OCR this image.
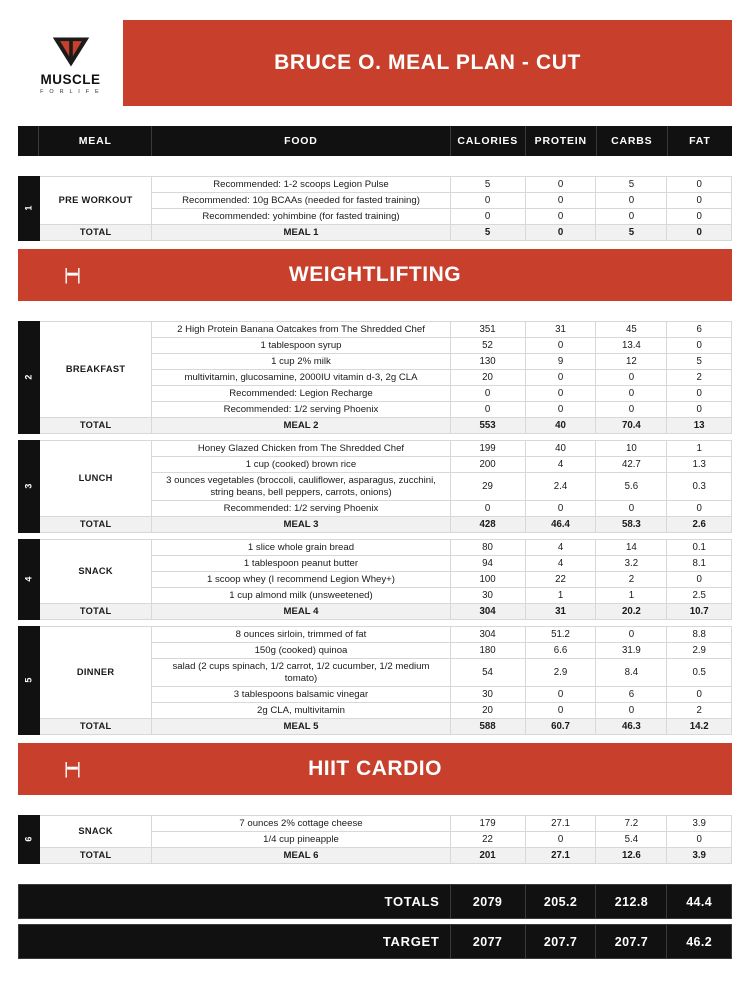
MUSCLE
F O R L I F E
BRUCE O. MEAL PLAN - CUT
	MEAL	FOOD	CALORIES	PROTEIN	CARBS	FAT
1	PRE WORKOUT	Recommended: 1-2 scoops Legion Pulse	5	0	5	0
		Recommended: 10g BCAAs (needed for fasted training)	0	0	0	0
		Recommended: yohimbine (for fasted training)	0	0	0	0
	TOTAL	MEAL 1	5	0	5	0
|━|	WEIGHTLIFTING
2	BREAKFAST	2 High Protein Banana Oatcakes from The Shredded Chef	351	31	45	6
		1 tablespoon syrup	52	0	13.4	0
		1 cup 2% milk	130	9	12	5
		multivitamin, glucosamine, 2000IU vitamin d-3, 2g CLA	20	0	0	2
		Recommended: Legion Recharge	0	0	0	0
		Recommended: 1/2 serving Phoenix	0	0	0	0
	TOTAL	MEAL 2	553	40	70.4	13
3	LUNCH	Honey Glazed Chicken from The Shredded Chef	199	40	10	1
		1 cup (cooked) brown rice	200	4	42.7	1.3
		3 ounces vegetables (broccoli, cauliflower, asparagus, zucchini, string beans, bell peppers, carrots, onions)	29	2.4	5.6	0.3
		Recommended: 1/2 serving Phoenix	0	0	0	0
	TOTAL	MEAL 3	428	46.4	58.3	2.6
4	SNACK	1 slice whole grain bread	80	4	14	0.1
		1 tablespoon peanut butter	94	4	3.2	8.1
		1 scoop whey (I recommend Legion Whey+)	100	22	2	0
		1 cup almond milk (unsweetened)	30	1	1	2.5
	TOTAL	MEAL 4	304	31	20.2	10.7
5	DINNER	8 ounces sirloin, trimmed of fat	304	51.2	0	8.8
		150g (cooked) quinoa	180	6.6	31.9	2.9
		salad (2 cups spinach, 1/2 carrot, 1/2 cucumber, 1/2 medium tomato)	54	2.9	8.4	0.5
		3 tablespoons balsamic vinegar	30	0	6	0
		2g CLA, multivitamin	20	0	0	2
	TOTAL	MEAL 5	588	60.7	46.3	14.2
|━|	HIIT CARDIO
6	SNACK	7 ounces 2% cottage cheese	179	27.1	7.2	3.9
		1/4 cup pineapple	22	0	5.4	0
	TOTAL	MEAL 6	201	27.1	12.6	3.9
TOTALS	2079	205.2	212.8	44.4
TARGET	2077	207.7	207.7	46.2
